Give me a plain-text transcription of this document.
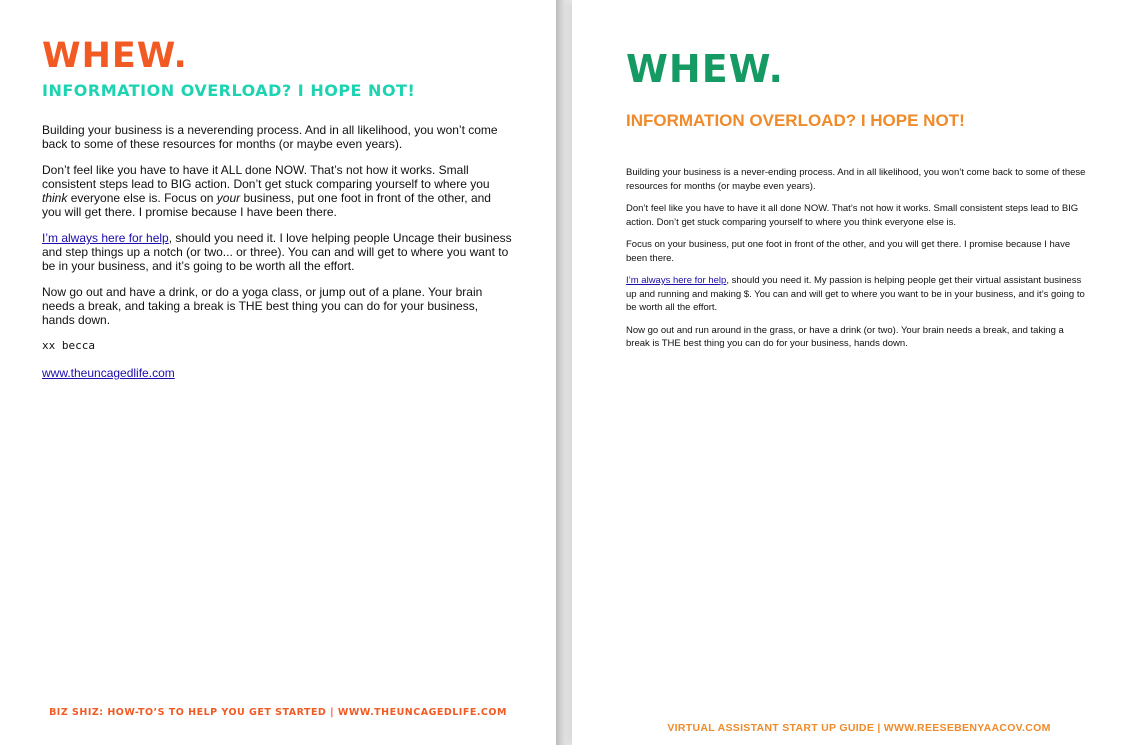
WHEW.
INFORMATION OVERLOAD? I HOPE NOT!

Building your business is a neverending process. And in all likelihood, you won’t come back to some of these resources for months (or maybe even years).

Don’t feel like you have to have it ALL done NOW. That’s not how it works. Small consistent steps lead to BIG action. Don’t get stuck comparing yourself to where you think everyone else is. Focus on your business, put one foot in front of the other, and you will get there. I promise because I have been there.

I’m always here for help, should you need it. I love helping people Uncage their business and step things up a notch (or two... or three). You can and will get to where you want to be in your business, and it’s going to be worth all the effort.

Now go out and have a drink, or do a yoga class, or jump out of a plane. Your brain needs a break, and taking a break is THE best thing you can do for your business, hands down.

xx becca

www.theuncagedlife.com

BIZ SHIZ: HOW-TO’S TO HELP YOU GET STARTED | WWW.THEUNCAGEDLIFE.COM
WHEW.
INFORMATION OVERLOAD? I HOPE NOT!

Building your business is a never-ending process. And in all likelihood, you won’t come back to some of these resources for months (or maybe even years).

Don’t feel like you have to have it all done NOW. That’s not how it works. Small consistent steps lead to BIG action. Don’t get stuck comparing yourself to where you think everyone else is.

Focus on your business, put one foot in front of the other, and you will get there. I promise because I have been there.

I’m always here for help, should you need it. My passion is helping people get their virtual assistant business up and running and making $. You can and will get to where you want to be in your business, and it’s going to be worth all the effort.

Now go out and run around in the grass, or have a drink (or two). Your brain needs a break, and taking a break is THE best thing you can do for your business, hands down.

VIRTUAL ASSISTANT START UP GUIDE | WWW.REESEBENYAACOV.COM
